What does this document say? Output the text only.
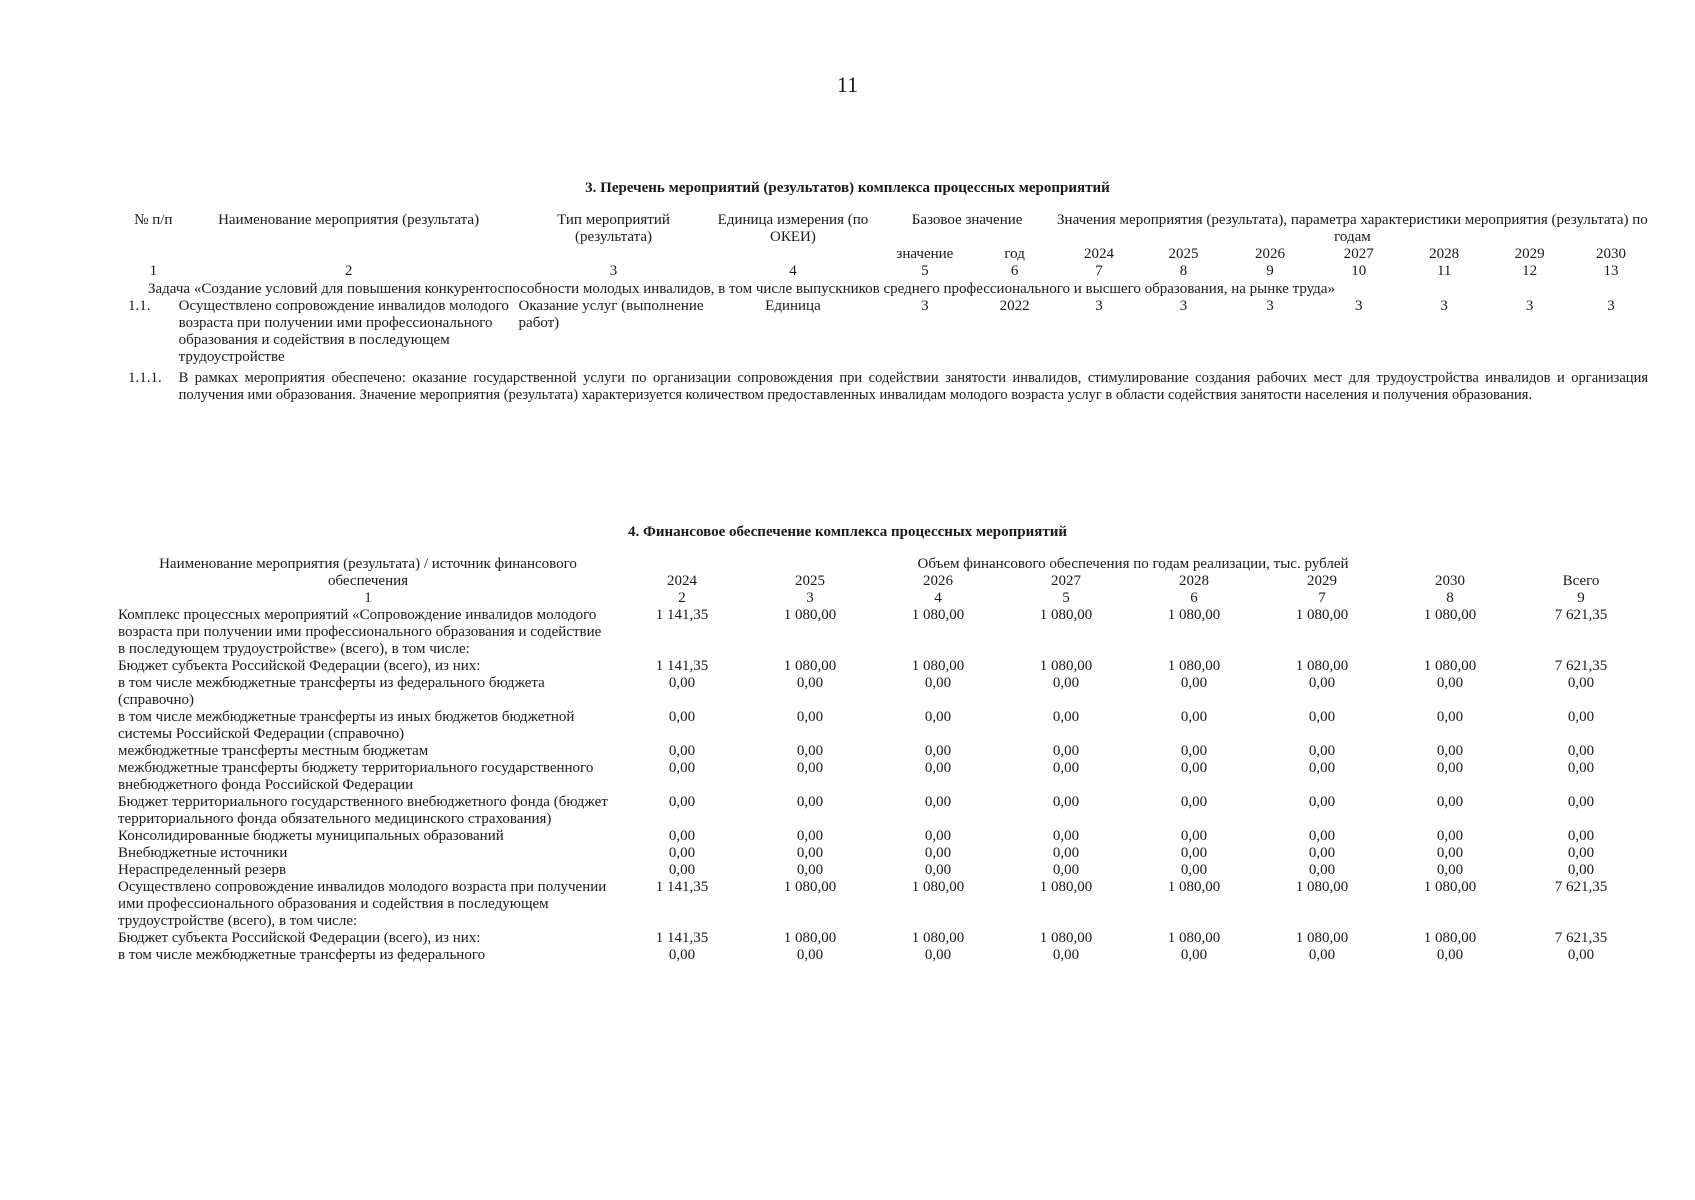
11
3. Перечень мероприятий (результатов) комплекса процессных мероприятий
№ п/п	Наименование мероприятия (результата)	Тип мероприятий (результата)	Единица измерения (по ОКЕИ)	Базовое значение		Значения мероприятия (результата), параметра характеристики мероприятия (результата) по годам						
				значение	год	2024	2025	2026	2027	2028	2029	2030
1	2	3	4	5	6	7	8	9	10	11	12	13
Задача «Создание условий для повышения конкурентоспособности молодых инвалидов, в том числе выпускников среднего профессионального и высшего образования, на рынке труда»												
1.1.	Осуществлено сопровождение инвалидов молодого возраста при получении ими профессионального образования и содействия в последующем трудоустройстве	Оказание услуг (выполнение работ)	Единица	3	2022	3	3	3	3	3	3	3
1.1.1.	В рамках мероприятия обеспечено: оказание государственной услуги по организации сопровождения при содействии занятости инвалидов, стимулирование создания рабочих мест для трудоустройства инвалидов и организация получения ими образования. Значение мероприятия (результата) характеризуется количеством предоставленных инвалидам молодого возраста услуг в области содействия занятости населения и получения образования.											
4. Финансовое обеспечение комплекса процессных мероприятий
Наименование мероприятия (результата) / источник финансового обеспечения	Объем финансового обеспечения по годам реализации, тыс. рублей							
	2024	2025	2026	2027	2028	2029	2030	Всего
1	2	3	4	5	6	7	8	9
Комплекс процессных мероприятий «Сопровождение инвалидов молодого возраста при получении ими профессионального образования и содействие в последующем трудоустройстве» (всего), в том числе:	1 141,35	1 080,00	1 080,00	1 080,00	1 080,00	1 080,00	1 080,00	7 621,35
Бюджет субъекта Российской Федерации (всего), из них:	1 141,35	1 080,00	1 080,00	1 080,00	1 080,00	1 080,00	1 080,00	7 621,35
в том числе межбюджетные трансферты из федерального бюджета (справочно)	0,00	0,00	0,00	0,00	0,00	0,00	0,00	0,00
в том числе межбюджетные трансферты из иных бюджетов бюджетной системы Российской Федерации (справочно)	0,00	0,00	0,00	0,00	0,00	0,00	0,00	0,00
межбюджетные трансферты местным бюджетам	0,00	0,00	0,00	0,00	0,00	0,00	0,00	0,00
межбюджетные трансферты бюджету территориального государственного внебюджетного фонда Российской Федерации	0,00	0,00	0,00	0,00	0,00	0,00	0,00	0,00
Бюджет территориального государственного внебюджетного фонда (бюджет территориального фонда обязательного медицинского страхования)	0,00	0,00	0,00	0,00	0,00	0,00	0,00	0,00
Консолидированные бюджеты муниципальных образований	0,00	0,00	0,00	0,00	0,00	0,00	0,00	0,00
Внебюджетные источники	0,00	0,00	0,00	0,00	0,00	0,00	0,00	0,00
Нераспределенный резерв	0,00	0,00	0,00	0,00	0,00	0,00	0,00	0,00
Осуществлено сопровождение инвалидов молодого возраста при получении ими профессионального образования и содействия в последующем трудоустройстве (всего), в том числе:	1 141,35	1 080,00	1 080,00	1 080,00	1 080,00	1 080,00	1 080,00	7 621,35
Бюджет субъекта Российской Федерации (всего), из них:	1 141,35	1 080,00	1 080,00	1 080,00	1 080,00	1 080,00	1 080,00	7 621,35
в том числе межбюджетные трансферты из федерального	0,00	0,00	0,00	0,00	0,00	0,00	0,00	0,00
